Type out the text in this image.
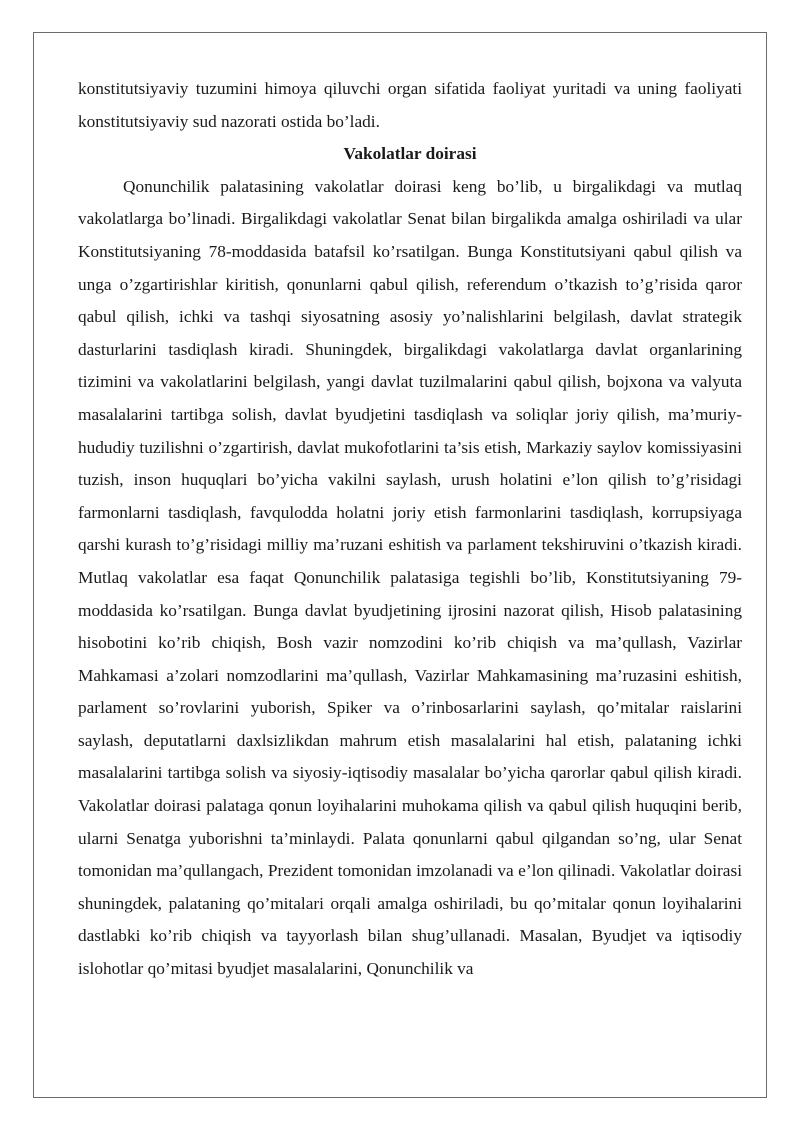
konstitutsiyaviy tuzumini himoya qiluvchi organ sifatida faoliyat yuritadi va uning faoliyati konstitutsiyaviy sud nazorati ostida bo’ladi.

Vakolatlar doirasi

Qonunchilik palatasining vakolatlar doirasi keng bo’lib, u birgalikdagi va mutlaq vakolatlarga bo’linadi. Birgalikdagi vakolatlar Senat bilan birgalikda amalga oshiriladi va ular Konstitutsiyaning 78-moddasida batafsil ko’rsatilgan. Bunga Konstitutsiyani qabul qilish va unga o’zgartirishlar kiritish, qonunlarni qabul qilish, referendum o’tkazish to’g’risida qaror qabul qilish, ichki va tashqi siyosatning asosiy yo’nalishlarini belgilash, davlat strategik dasturlarini tasdiqlash kiradi. Shuningdek, birgalikdagi vakolatlarga davlat organlarining tizimini va vakolatlarini belgilash, yangi davlat tuzilmalarini qabul qilish, bojxona va valyuta masalalarini tartibga solish, davlat byudjetini tasdiqlash va soliqlar joriy qilish, ma’muriy-hududiy tuzilishni o’zgartirish, davlat mukofotlarini ta’sis etish, Markaziy saylov komissiyasini tuzish, inson huquqlari bo’yicha vakilni saylash, urush holatini e’lon qilish to’g’risidagi farmonlarni tasdiqlash, favqulodda holatni joriy etish farmonlarini tasdiqlash, korrupsiyaga qarshi kurash to’g’risidagi milliy ma’ruzani eshitish va parlament tekshiruvini o’tkazish kiradi. Mutlaq vakolatlar esa faqat Qonunchilik palatasiga tegishli bo’lib, Konstitutsiyaning 79-moddasida ko’rsatilgan. Bunga davlat byudjetining ijrosini nazorat qilish, Hisob palatasining hisobotini ko’rib chiqish, Bosh vazir nomzodini ko’rib chiqish va ma’qullash, Vazirlar Mahkamasi a’zolari nomzodlarini ma’qullash, Vazirlar Mahkamasining ma’ruzasini eshitish, parlament so’rovlarini yuborish, Spiker va o’rinbosarlarini saylash, qo’mitalar raislarini saylash, deputatlarni daxlsizlikdan mahrum etish masalalarini hal etish, palataning ichki masalalarini tartibga solish va siyosiy-iqtisodiy masalalar bo’yicha qarorlar qabul qilish kiradi. Vakolatlar doirasi palataga qonun loyihalarini muhokama qilish va qabul qilish huquqini berib, ularni Senatga yuborishni ta’minlaydi. Palata qonunlarni qabul qilgandan so’ng, ular Senat tomonidan ma’qullangach, Prezident tomonidan imzolanadi va e’lon qilinadi. Vakolatlar doirasi shuningdek, palataning qo’mitalari orqali amalga oshiriladi, bu qo’mitalar qonun loyihalarini dastlabki ko’rib chiqish va tayyorlash bilan shug’ullanadi. Masalan, Byudjet va iqtisodiy islohotlar qo’mitasi byudjet masalalarini, Qonunchilik va
